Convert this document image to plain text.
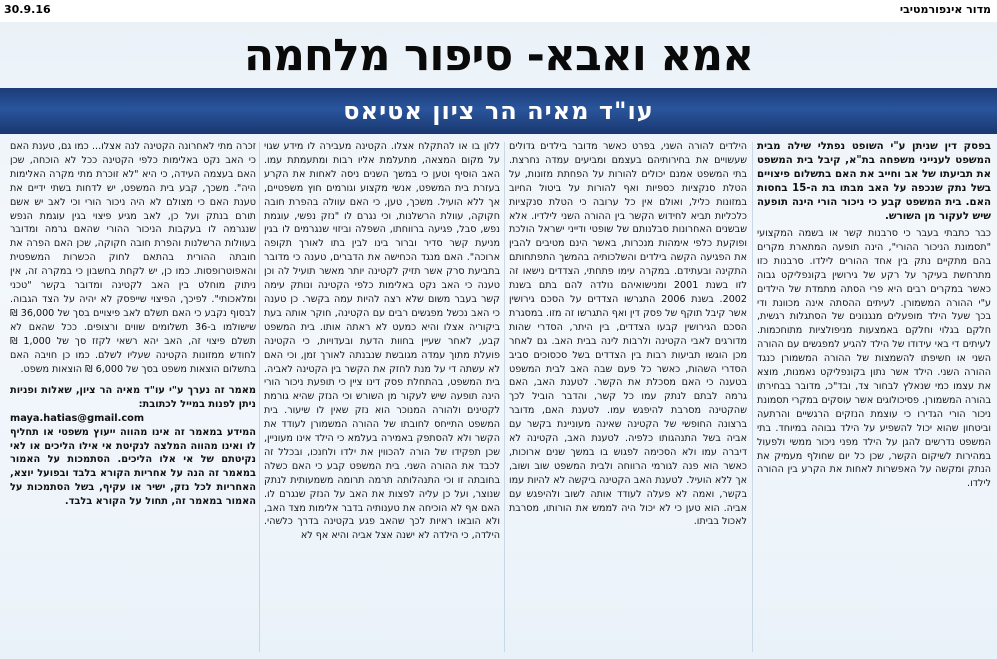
מדור אינפורמטיבי
30.9.16
אמא ואבא- סיפור מלחמה
עו"ד מאיה הר ציון אטיאס

בפסק דין שניתן ע"י השופט נפתלי שילה מבית המשפט לענייני משפחה בת"א, קיבל בית המשפט את תביעתו של אב וחייב את האם בתשלום פיצויים בשל נתק שנכפה על האב מבתו בת ה-15 בחסות האם. בית המשפט קבע כי ניכור הורי הינה תופעה שיש לעקור מן השורש.

כבר כתבתי בעבר כי סרבנות קשר או בשמה המקצועי "תסמונת הניכור ההורי", הינה תופעה המתארת מקרים בהם מתקיים נתק בין אחד ההורים לילדו. סרבנות כזו מתרחשת בעיקר על רקע של גירושין בקונפליקט גבוה כאשר במקרים רבים היא פרי הסתה מתמדת של הילדים ע"י ההורה המשמורן. לעיתים ההסתה אינה מכוונת ודי בכך שעל הילד מופעלים מנגנונים של הסתגלות רגשית, חלקם בגלוי וחלקם באמצעות מניפולציות מתוחכמות. לעיתים די באי עידודו של הילד להגיע למפגשים עם ההורה השני או חשיפתו להשמצות של ההורה המשמורן כנגד ההורה השני. הילד אשר נתון בקונפליקט נאמנות, מוצא את עצמו כמי שנאלץ לבחור צד, ובד"כ, מדובר בבחירתו בהורה המשמורן. פסיכולוגים אשר עוסקים במקרי תסמונת ניכור הורי הגדירו כי עוצמת הנזקים הרגשיים והרתעה וביטחון שהוא יכול להשפיע על הילד גבוהה במיוחד. בתי המשפט נדרשים להגן על הילד מפני ניכור ממשי ולפעול במהירות לשיקום הקשר, שכן כל יום שחולף מעמיק את הנתק ומקשה על האפשרות לאחות את הקרע בין ההורה לילדו.

הילדים להורה השני, בפרט כאשר מדובר בילדים גדולים שעשויים את בחירותיהם בעצמם ומביעים עמדה נחרצת. בתי המשפט אמנם יכולים להורות על הפחתת מזונות, על הטלת סנקציות כספיות ואף להורות על ביטול החיוב במזונות כליל, ואולם אין כל ערובה כי הטלת סנקציות כלכליות תביא לחידוש הקשר בין ההורה השני לילדיו. אלא שבשנים האחרונות סבלנותם של שופטי ודייני ישראל הולכת ופוקעת כלפי אימהות מנכרות, באשר הינם מטיבים להבין את הפגיעה הקשה בילדים והשלכותיה בהמשך התפתחותם התקינה ובעתידם. במקרה עימו פתחתי, הצדדים נישאו זה לזו בשנת 2001 ומנישואיהם נולדה להם בתם בשנת 2002. בשנת 2006 התגרשו הצדדים על הסכם גירושין אשר קיבל תוקף של פסק דין ואף התגרשו זה מזו. במסגרת הסכם הגירושין קבעו הצדדים, בין היתר, הסדרי שהות מדורגים לאבי הקטינה ולרבות לינה בבית האב. גם לאחר מכן הוגשו תביעות רבות בין הצדדים בשל סכסוכים סביב הסדרי השהות, כאשר כל פעם שבה האב לבית המשפט בטענה כי האם מסכלת את הקשר. לטענת האב, האם גרמה לבתם לנתק עמו כל קשר, והדבר הוביל לכך שהקטינה מסרבת להיפגש עמו. לטענת האם, מדובר ברצונה החופשי של הקטינה שאינה מעוניינת בקשר עם אביה בשל התנהגותו כלפיה. לטענת האב, הקטינה לא דיברה עמו ולא הסכימה לפגוש בו במשך שנים ארוכות, כאשר הוא פנה לגורמי הרווחה ולבית המשפט שוב ושוב, אך ללא הועיל. לטענת האב הקטינה ביקשה לא להיות עמו בקשר, ואמה לא פעלה לעודד אותה לשוב ולהיפגש עם אביה. הוא טען כי לא יכול היה לממש את הורותו, מסרבת לאכול בביתו.

ללון בו או להתקלח אצלו. הקטינה מעבירה לו מידע שגוי על מקום המצאה, מתעלמת אליו רבות ומתעמתת עמו. האב הוסיף וטען כי במשך השנים ניסה לאחות את הקרע בעזרת בית המשפט, אנשי מקצוע וגורמים חוץ משפטיים, אך ללא הועיל. משכך, טען, כי האם עוולה בהפרת חובה חקוקה, עוולת הרשלנות, וכי נגרם לו "נזק נפשי, עוגמת נפש, סבל, פגיעה ברווחתו, השפלה וביזוי שנגרמים לו בגין מניעת קשר סדיר וברור בינו לבין בתו לאורך תקופה ארוכה". האם מנגד הכחישה את הדברים, טענה כי מדובר בתביעת סרק אשר תזיק לקטינה יותר מאשר תועיל לה וכן טענה כי האב נקט באלימות כלפי הקטינה ונותק עימה קשר בעבר משום שלא רצה להיות עמה בקשר. כן טענה כי האב נכשל מפגשים רבים עם הקטינה, חוקר אותה בעת ביקוריה אצלו והיא כמעט לא ראתה אותו. בית המשפט קבע, לאחר שעיין בחוות הדעת ובעדויות, כי הקטינה פועלת מתוך עמדה מגובשת שנבנתה לאורך זמן, וכי האם לא עשתה די על מנת לחזק את הקשר בין הקטינה לאביה. בית המשפט, בהתחלת פסק דינו ציין כי תופעת ניכור הורי הינה תופעה שיש לעקור מן השורש וכי הנזק שהיא גורמת לקטינים ולהורה המנוכר הוא נזק שאין לו שיעור. בית המשפט התייחס לחובתו של ההורה המשמורן לעודד את הקשר ולא להסתפק באמירה בעלמא כי הילד אינו מעוניין, שכן תפקידו של הורה להכווין את ילדו ולחנכו, ובכלל זה לכבד את ההורה השני. בית המשפט קבע כי האם כשלה בחובתה זו וכי התנהלותה תרמה תרומה משמעותית לנתק שנוצר, ועל כן עליה לפצות את האב על הנזק שנגרם לו. האם אף לא הוכיחה את טענותיה בדבר אלימות מצד האב, ולא הובאו ראיות לכך שהאב פגע בקטינה בדרך כלשהי. הילדה, כי הילדה לא ישנה אצל אביה והיא אף לא

זכרה מתי לאחרונה הקטינה לנה אצלו... כמו גם, טענת האם כי האב נקט באלימות כלפי הקטינה ככל לא הוכחה, שכן האם בעצמה העידה, כי היא "לא זוכרת מתי מקרה האלימות היה". משכך, קבע בית המשפט, יש לדחות בשתי ידיים את טענת האם כי מצולם לא היה ניכור הורי וכי לאב יש אשם תורם בנתק ועל כן, לאב מגיע פיצוי בגין עוגמת הנפש שנגרמה לו בעקבות הניכור ההורי שהאם גרמה ומדובר בעוולות הרשלנות והפרת חובה חקוקה, שכן האם הפרה את חובתה ההורית בהתאם לחוק הכשרות המשפטית והאפוטרופסות. כמו כן, יש לקחת בחשבון כי במקרה זה, אין ניתוק מוחלט בין האב לקטינה ומדובר בקשר "טכני ומלאכותי". לפיכך, הפיצוי שייפסק לא יהיה על הצד הגבוה. לבסוף נקבע כי האם תשלם לאב פיצויים בסך של 36,000 ₪ שישולמו ב-36 תשלומים שווים ורצופים. ככל שהאם לא תשלם פיצוי זה, האב יהא רשאי לקזז סך של 1,000 ₪ לחודש ממזונות הקטינה שעליו לשלם. כמו כן חויבה האם בתשלום הוצאות משפט בסך של 6,000 ₪ הוצאות משפט.

מאמר זה נערך ע"י עו"ד מאיה הר ציון, שאלות ופניות ניתן לפנות במייל לכתובת:
maya.hatias@gmail.com
המידע במאמר זה אינו מהווה ייעוץ משפטי או תחליף לו ואינו מהווה המלצה לנקיטת אי אילו הליכים או לאי נקיטתם של אי אלו הליכים. הסתמכות על האמור במאמר זה הנה על אחריות הקורא בלבד ובפועל יוצא, האחריות לכל נזק, ישיר או עקיף, בשל הסתמכות על האמור במאמר זה, תחול על הקורא בלבד.
